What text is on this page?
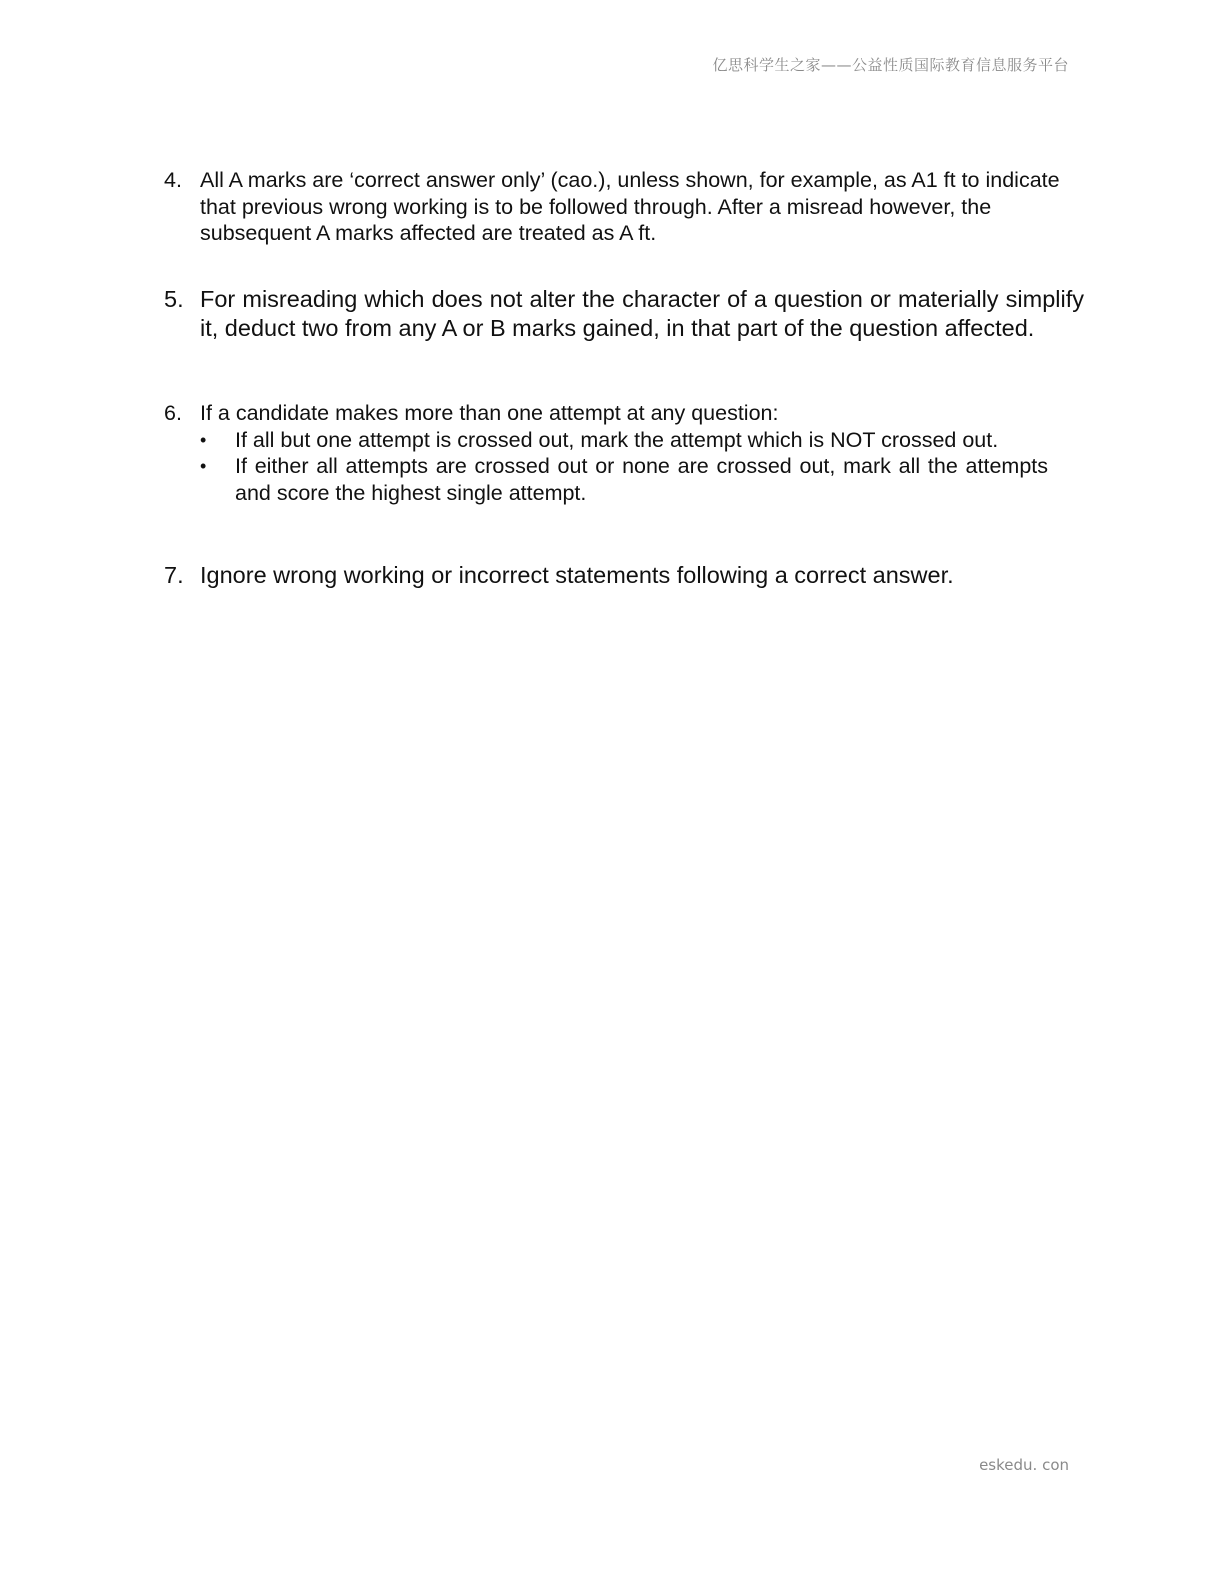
亿思科学生之家——公益性质国际教育信息服务平台
4. All A marks are ‘correct answer only’ (cao.), unless shown, for example, as A1 ft to indicate that previous wrong working is to be followed through. After a misread however, the subsequent A marks affected are treated as A ft.
5. For misreading which does not alter the character of a question or materially simplify it, deduct two from any A or B marks gained, in that part of the question affected.
6. If a candidate makes more than one attempt at any question:
•	If all but one attempt is crossed out, mark the attempt which is NOT crossed out.
•	If either all attempts are crossed out or none are crossed out, mark all the attempts and score the highest single attempt.
7. Ignore wrong working or incorrect statements following a correct answer.
eskedu. con
